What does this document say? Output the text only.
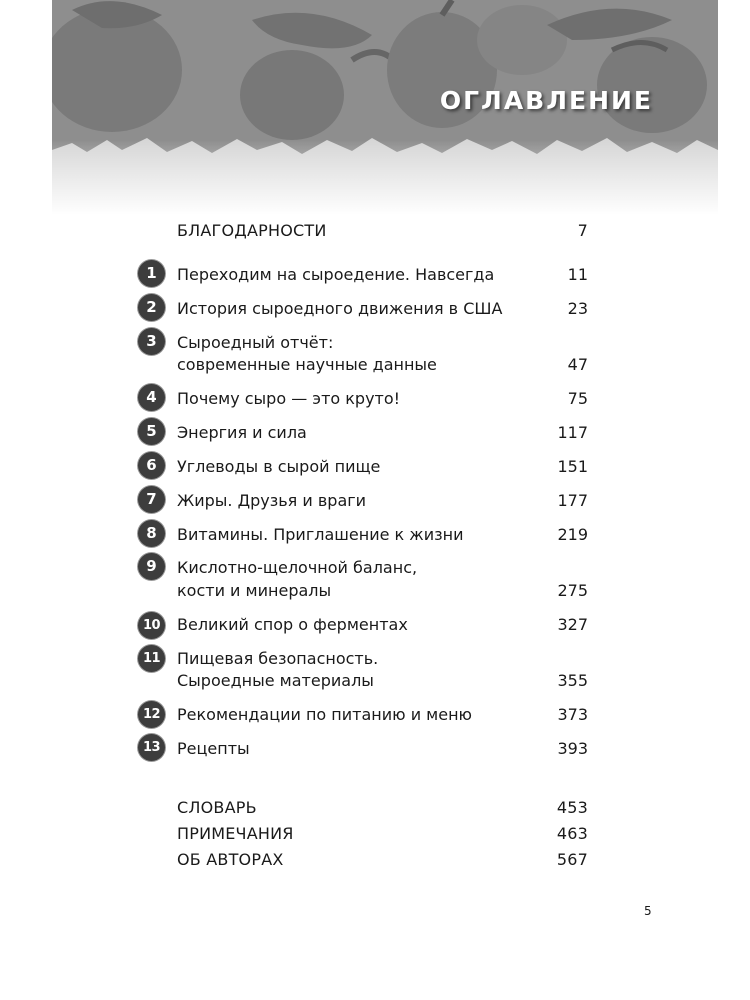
ОГЛАВЛЕНИЕ
БЛАГОДАРНОСТИ	7
1	Переходим на сыроедение. Навсегда	11
2	История сыроедного движения в США	23
3	Сыроедный отчёт:
современные научные данные	47
4	Почему сыро — это круто!	75
5	Энергия и сила	117
6	Углеводы в сырой пище	151
7	Жиры. Друзья и враги	177
8	Витамины. Приглашение к жизни	219
9	Кислотно-щелочной баланс,
кости и минералы	275
10	Великий спор о ферментах	327
11	Пищевая безопасность.
Сыроедные материалы	355
12	Рекомендации по питанию и меню	373
13	Рецепты	393
СЛОВАРЬ	453
ПРИМЕЧАНИЯ	463
ОБ АВТОРАХ	567
5
